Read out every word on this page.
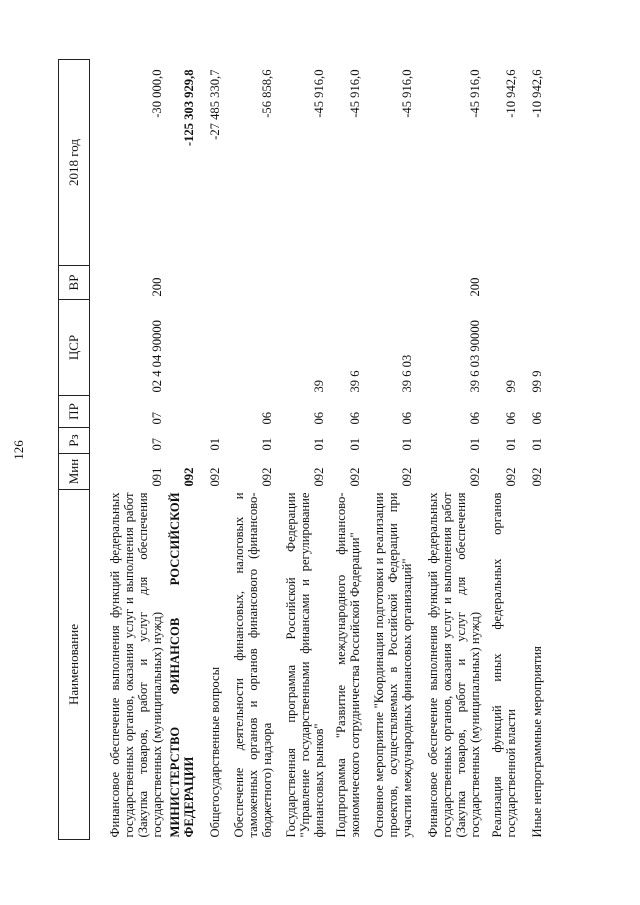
126
Наименование	Мин	Рз	ПР	ЦСР	ВР	2018 год
Финансовое обеспечение выполнения функций федеральных государственных органов, оказания услуг и выполнения работ (Закупка товаров, работ и услуг для обеспечения государственных (муниципальных) нужд)	091	07	07	02 4 04 90000	200	-30 000,0
МИНИСТЕРСТВО ФИНАНСОВ РОССИЙСКОЙ ФЕДЕРАЦИИ	092					-125 303 929,8
Общегосударственные вопросы	092	01				-27 485 330,7
Обеспечение деятельности финансовых, налоговых и таможенных органов и органов финансового (финансово-бюджетного) надзора	092	01	06			-56 858,6
Государственная программа Российской Федерации "Управление государственными финансами и регулирование финансовых рынков"	092	01	06	39		-45 916,0
Подпрограмма "Развитие международного финансово-экономического сотрудничества Российской Федерации"	092	01	06	39 6		-45 916,0
Основное мероприятие "Координация подготовки и реализации проектов, осуществляемых в Российской Федерации при участии международных финансовых организаций"	092	01	06	39 6 03		-45 916,0
Финансовое обеспечение выполнения функций федеральных государственных органов, оказания услуг и выполнения работ (Закупка товаров, работ и услуг для обеспечения государственных (муниципальных) нужд)	092	01	06	39 6 03 90000	200	-45 916,0
Реализация функций иных федеральных органов государственной власти	092	01	06	99		-10 942,6
Иные непрограммные мероприятия	092	01	06	99 9		-10 942,6
